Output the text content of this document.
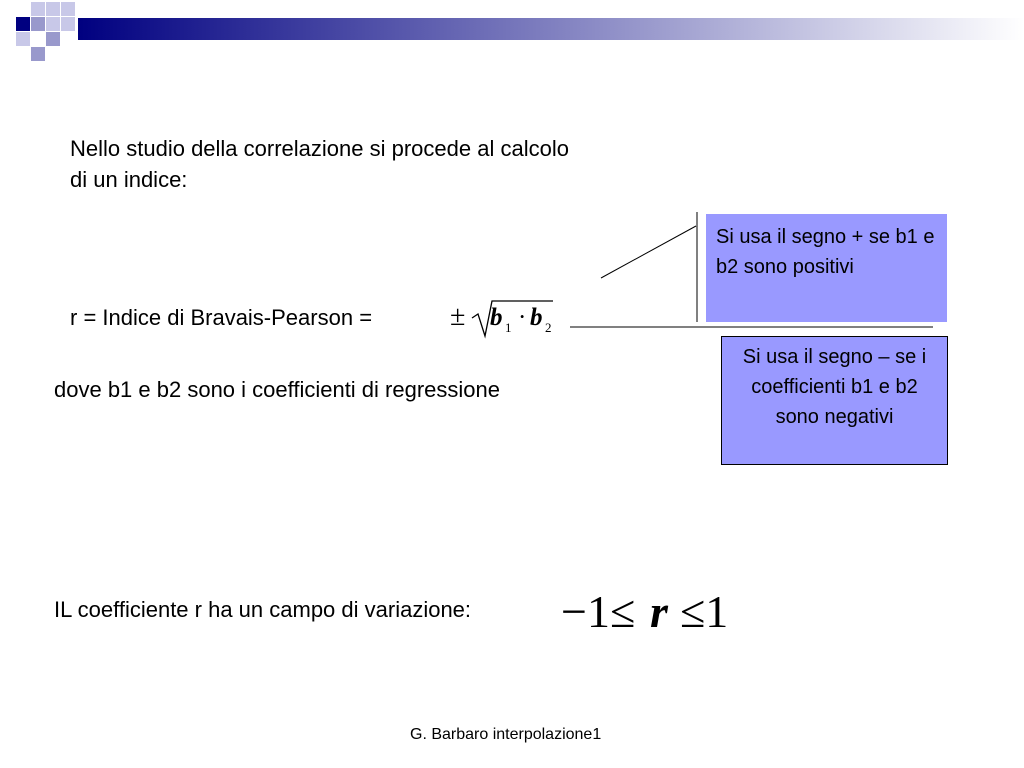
Nello studio della correlazione si procede al calcolo di un indice:
r = Indice di Bravais-Pearson =	± b 1 · b 2
dove b1 e b2 sono i coefficienti di regressione
Si usa il segno + se b1 e b2 sono positivi
Si usa il segno – se i coefficienti b1 e b2 sono negativi
IL coefficiente r ha un campo di variazione: −1≤ r ≤1
G. Barbaro interpolazione1
